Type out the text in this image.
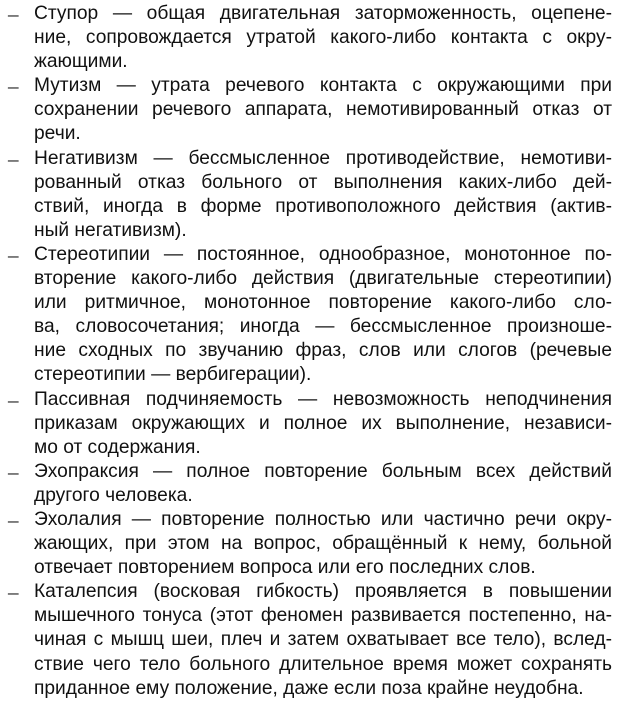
– Ступор — общая двигательная заторможенность, оцепене-
ние, сопровождается утратой какого-либо контакта с окру-
жающими.

– Мутизм — утрата речевого контакта с окружающими при
сохранении речевого аппарата, немотивированный отказ от
речи.

– Негативизм — бессмысленное противодействие, немотиви-
рованный отказ больного от выполнения каких-либо дей-
ствий, иногда в форме противоположного действия (актив-
ный негативизм).

– Стереотипии — постоянное, однообразное, монотонное по-
вторение какого-либо действия (двигательные стереотипии)
или ритмичное, монотонное повторение какого-либо сло-
ва, словосочетания; иногда — бессмысленное произноше-
ние сходных по звучанию фраз, слов или слогов (речевые
стереотипии — вербигерации).

– Пассивная подчиняемость — невозможность неподчинения
приказам окружающих и полное их выполнение, независи-
мо от содержания.

– Эхопраксия — полное повторение больным всех действий
другого человека.

– Эхолалия — повторение полностью или частично речи окру-
жающих, при этом на вопрос, обращённый к нему, больной
отвечает повторением вопроса или его последних слов.

– Каталепсия (восковая гибкость) проявляется в повышении
мышечного тонуса (этот феномен развивается постепенно, на-
чиная с мышц шеи, плеч и затем охватывает все тело), вслед-
ствие чего тело больного длительное время может сохранять
приданное ему положение, даже если поза крайне неудобна.
